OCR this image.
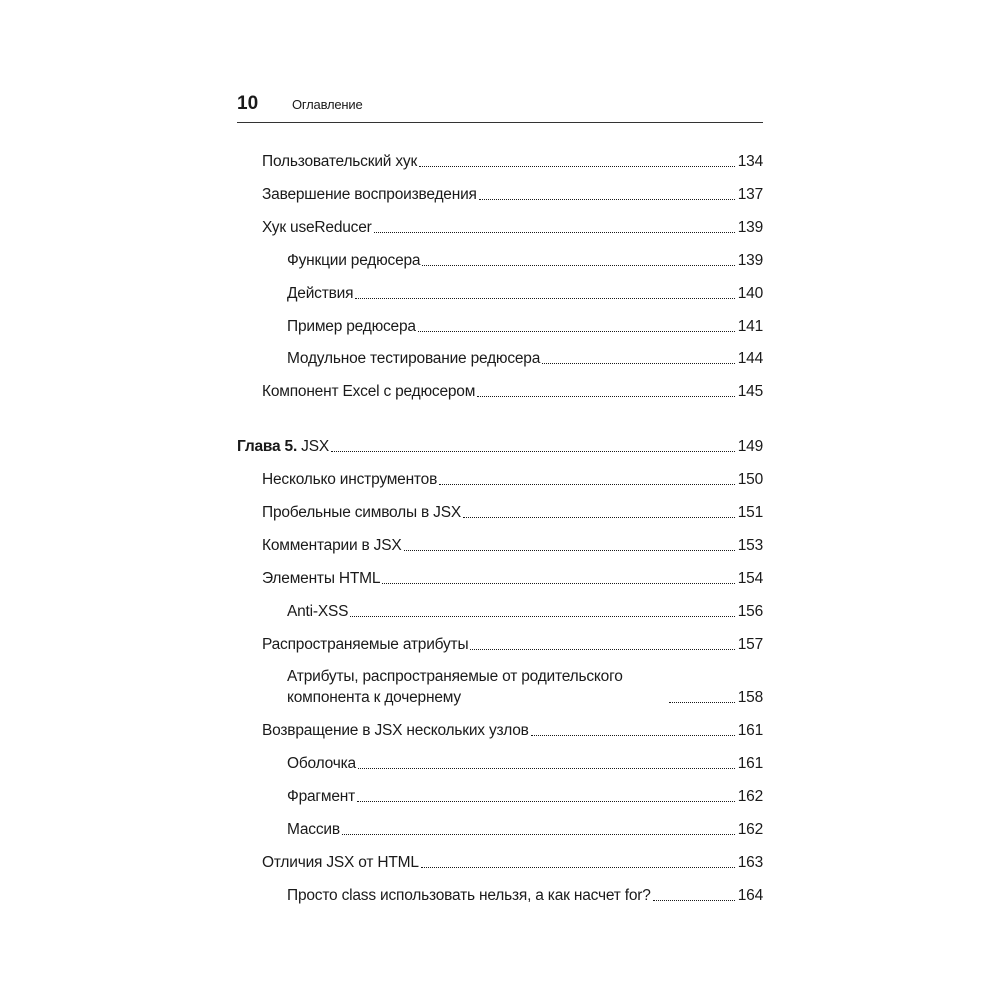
10	Оглавление
Пользовательский хук	134
Завершение воспроизведения	137
Хук useReducer	139
Функции редюсера	139
Действия	140
Пример редюсера	141
Модульное тестирование редюсера	144
Компонент Excel с редюсером	145
Глава 5. JSX	149
Несколько инструментов	150
Пробельные символы в JSX	151
Комментарии в JSX	153
Элементы HTML	154
Anti-XSS	156
Распространяемые атрибуты	157
Атрибуты, распространяемые от родительского компонента к дочернему	158
Возвращение в JSX нескольких узлов	161
Оболочка	161
Фрагмент	162
Массив	162
Отличия JSX от HTML	163
Просто class использовать нельзя, а как насчет for?	164
